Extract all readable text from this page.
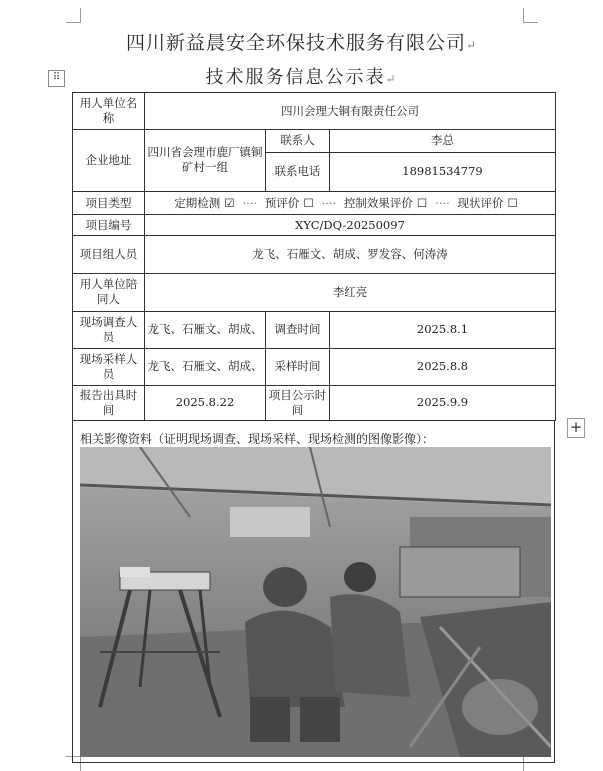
四川新益晨安全环保技术服务有限公司↵
技术服务信息公示表↵
⠿
用人单位名称	四川会理大铜有限责任公司		
企业地址	四川省会理市鹿厂镇铜矿村一组	联系人	李总
		联系电话	18981534779
项目类型	定期检测 ☑ ···· 预评价 ☐ ···· 控制效果评价 ☐ ···· 现状评价 ☐		
项目编号	XYC/DQ-20250097		
项目组人员	龙飞、石雁文、胡成、罗发容、何涛涛		
用人单位陪同人	李红亮		
现场调查人员	龙飞、石雁文、胡成、	调查时间	2025.8.1
现场采样人员	龙飞、石雁文、胡成、	采样时间	2025.8.8
报告出具时间	2025.8.22	项目公示时间	2025.9.9
+
相关影像资料（证明现场调查、现场采样、现场检测的图像影像）：
